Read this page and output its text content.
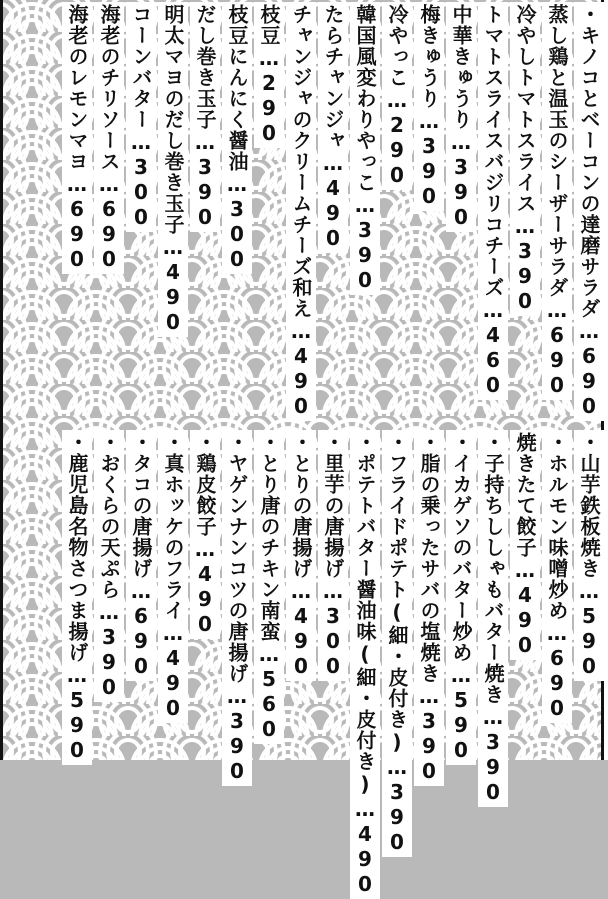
・キノコとベーコンの達磨サラダ…690
蒸し鶏と温玉のシーザーサラダ…690
冷やしトマトスライス…390
トマトスライスバジリコチーズ…460
中華きゅうり…390
梅きゅうり…390
冷やっこ…290
韓国風変わりやっこ…390
たらチャンジャ…490
チャンジャのクリームチーズ和え…490
枝豆…290
枝豆にんにく醤油…300
だし巻き玉子…390
明太マヨのだし巻き玉子…490
コーンバター…300
海老のチリソース…690
海老のレモンマヨ…690
・山芋鉄板焼き…590
・ホルモン味噌炒め…690
焼きたて餃子…490
・子持ちししゃもバター焼き…390
・イカゲソのバター炒め…590
・脂の乗ったサバの塩焼き…390
・フライドポテト(細・皮付き)…390
・ポテトバター醤油味(細・皮付き)…490
・里芋の唐揚げ…300
・とりの唐揚げ…490
・とり唐のチキン南蛮…560
・ヤゲンナンコツの唐揚げ…390
・鶏皮餃子…490
・真ホッケのフライ…490
・タコの唐揚げ…690
・おくらの天ぷら…390
・鹿児島名物さつま揚げ…590
